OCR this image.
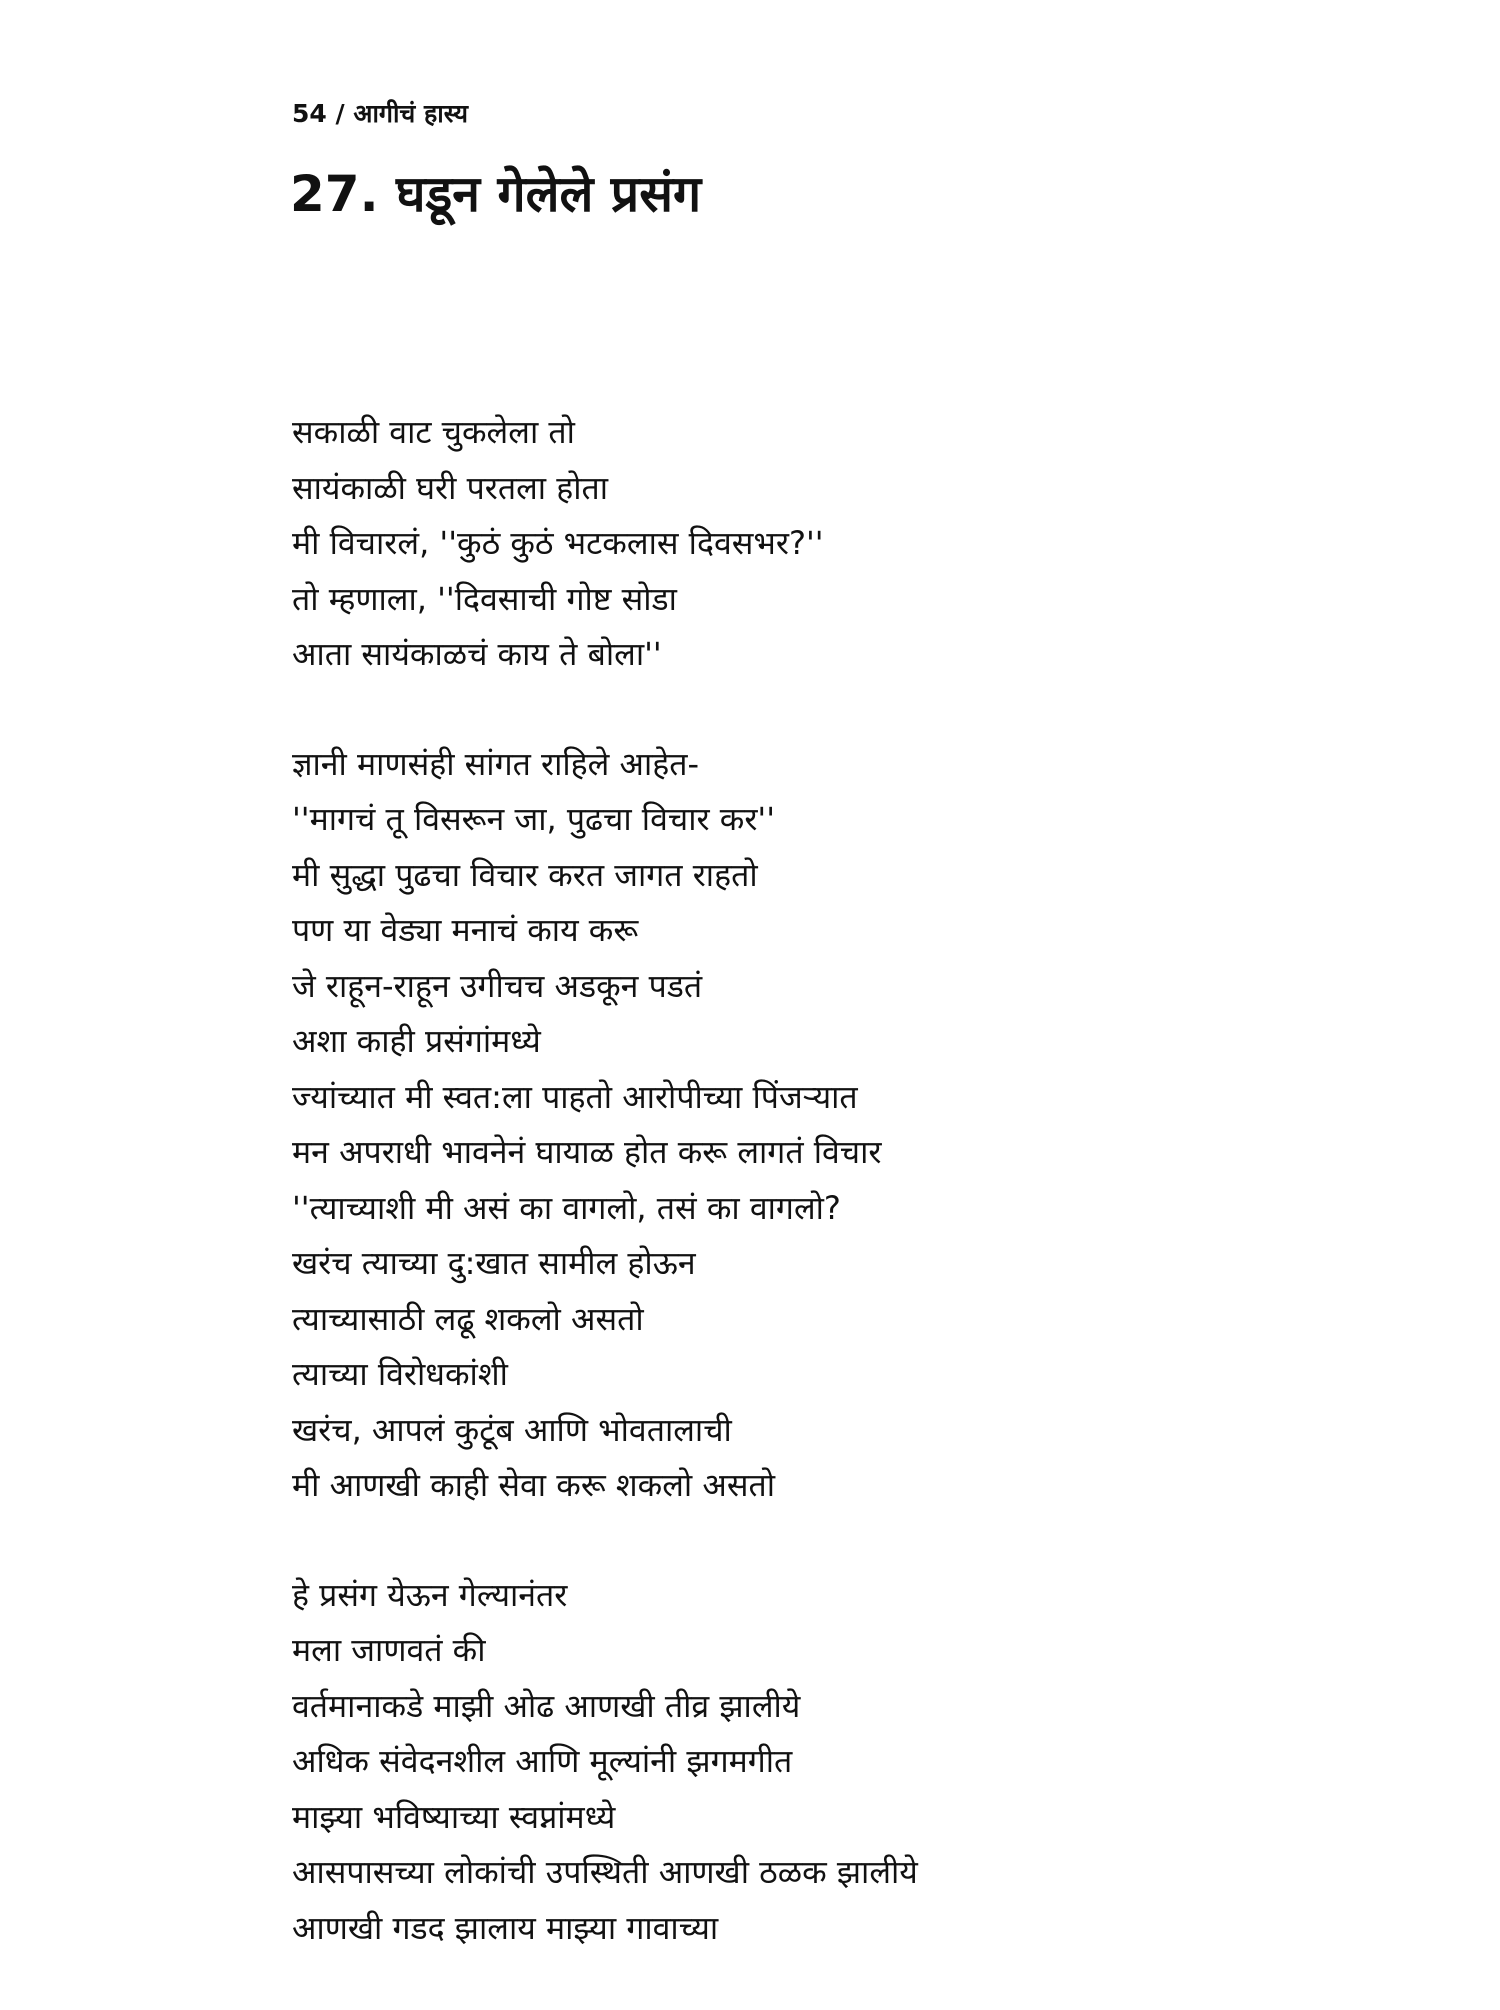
54 / आगीचं हास्य
27. घडून गेलेले प्रसंग
सकाळी वाट चुकलेला तो
सायंकाळी घरी परतला होता
मी विचारलं, ''कुठं कुठं भटकलास दिवसभर?''
तो म्हणाला, ''दिवसाची गोष्ट सोडा
आता सायंकाळचं काय ते बोला''
ज्ञानी माणसंही सांगत राहिले आहेत-
''मागचं तू विसरून जा, पुढचा विचार कर''
मी सुद्धा पुढचा विचार करत जागत राहतो
पण या वेड्या मनाचं काय करू
जे राहून-राहून उगीचच अडकून पडतं
अशा काही प्रसंगांमध्ये
ज्यांच्यात मी स्वत:ला पाहतो आरोपीच्या पिंजऱ्यात
मन अपराधी भावनेनं घायाळ होत करू लागतं विचार
''त्याच्याशी मी असं का वागलो, तसं का वागलो?
खरंच त्याच्या दु:खात सामील होऊन
त्याच्यासाठी लढू शकलो असतो
त्याच्या विरोधकांशी
खरंच, आपलं कुटूंब आणि भोवतालाची
मी आणखी काही सेवा करू शकलो असतो
हे प्रसंग येऊन गेल्यानंतर
मला जाणवतं की
वर्तमानाकडे माझी ओढ आणखी तीव्र झालीये
अधिक संवेदनशील आणि मूल्यांनी झगमगीत
माझ्या भविष्याच्या स्वप्नांमध्ये
आसपासच्या लोकांची उपस्थिती आणखी ठळक झालीये
आणखी गडद झालाय माझ्या गावाच्या
